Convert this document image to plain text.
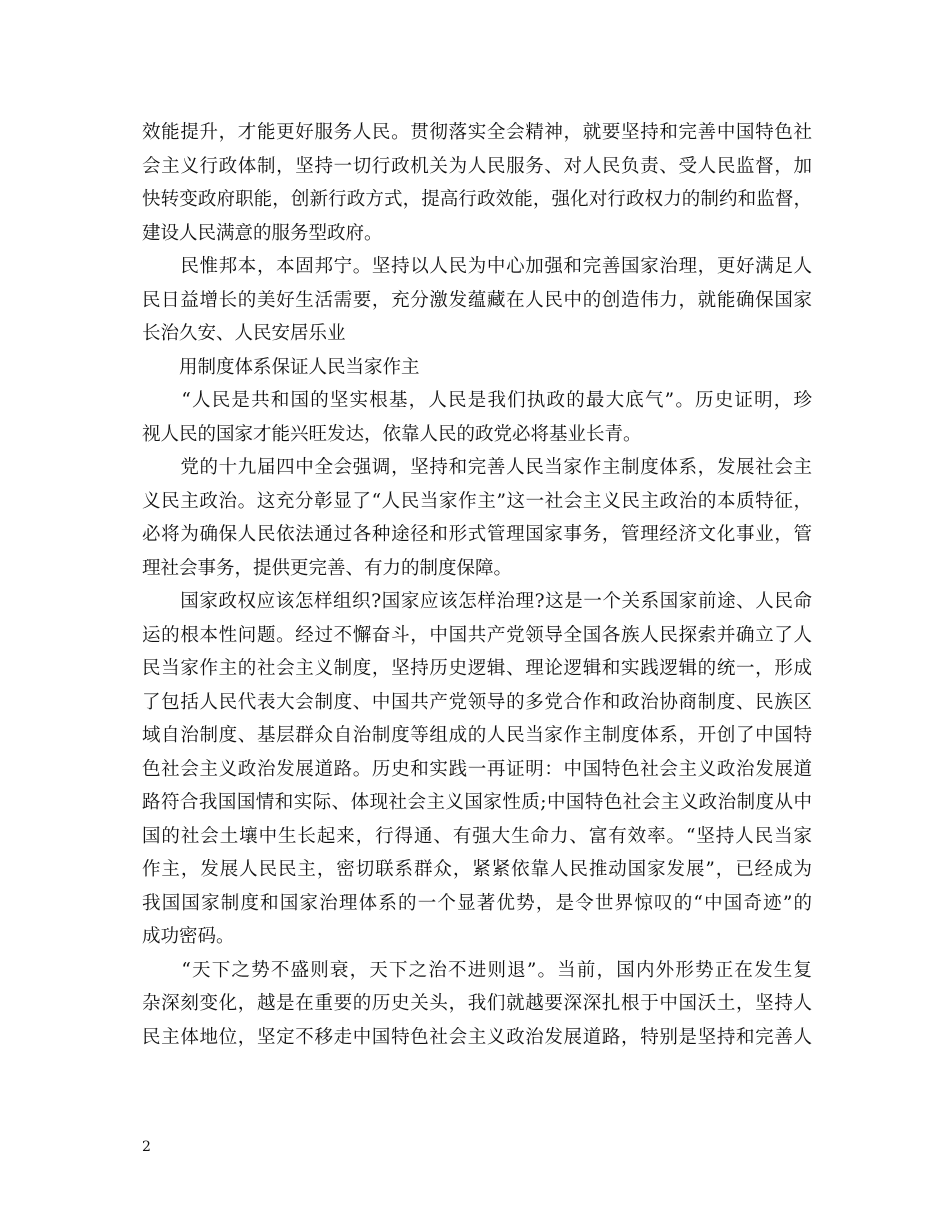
效能提升，才能更好服务人民。贯彻落实全会精神，就要坚持和完善中国特色社
会主义行政体制，坚持一切行政机关为人民服务、对人民负责、受人民监督，加
快转变政府职能，创新行政方式，提高行政效能，强化对行政权力的制约和监督，
建设人民满意的服务型政府。
　　民惟邦本，本固邦宁。坚持以人民为中心加强和完善国家治理，更好满足人
民日益增长的美好生活需要，充分激发蕴藏在人民中的创造伟力，就能确保国家
长治久安、人民安居乐业
　　用制度体系保证人民当家作主
　　“人民是共和国的坚实根基，人民是我们执政的最大底气”。历史证明，珍
视人民的国家才能兴旺发达，依靠人民的政党必将基业长青。
　　党的十九届四中全会强调，坚持和完善人民当家作主制度体系，发展社会主
义民主政治。这充分彰显了“人民当家作主”这一社会主义民主政治的本质特征，
必将为确保人民依法通过各种途径和形式管理国家事务，管理经济文化事业，管
理社会事务，提供更完善、有力的制度保障。
　　国家政权应该怎样组织?国家应该怎样治理?这是一个关系国家前途、人民命
运的根本性问题。经过不懈奋斗，中国共产党领导全国各族人民探索并确立了人
民当家作主的社会主义制度，坚持历史逻辑、理论逻辑和实践逻辑的统一，形成
了包括人民代表大会制度、中国共产党领导的多党合作和政治协商制度、民族区
域自治制度、基层群众自治制度等组成的人民当家作主制度体系，开创了中国特
色社会主义政治发展道路。历史和实践一再证明：中国特色社会主义政治发展道
路符合我国国情和实际、体现社会主义国家性质;中国特色社会主义政治制度从中
国的社会土壤中生长起来，行得通、有强大生命力、富有效率。“坚持人民当家
作主，发展人民民主，密切联系群众，紧紧依靠人民推动国家发展”，已经成为
我国国家制度和国家治理体系的一个显著优势，是令世界惊叹的“中国奇迹”的
成功密码。
　　“天下之势不盛则衰，天下之治不进则退”。当前，国内外形势正在发生复
杂深刻变化，越是在重要的历史关头，我们就越要深深扎根于中国沃土，坚持人
民主体地位，坚定不移走中国特色社会主义政治发展道路，特别是坚持和完善人
2
